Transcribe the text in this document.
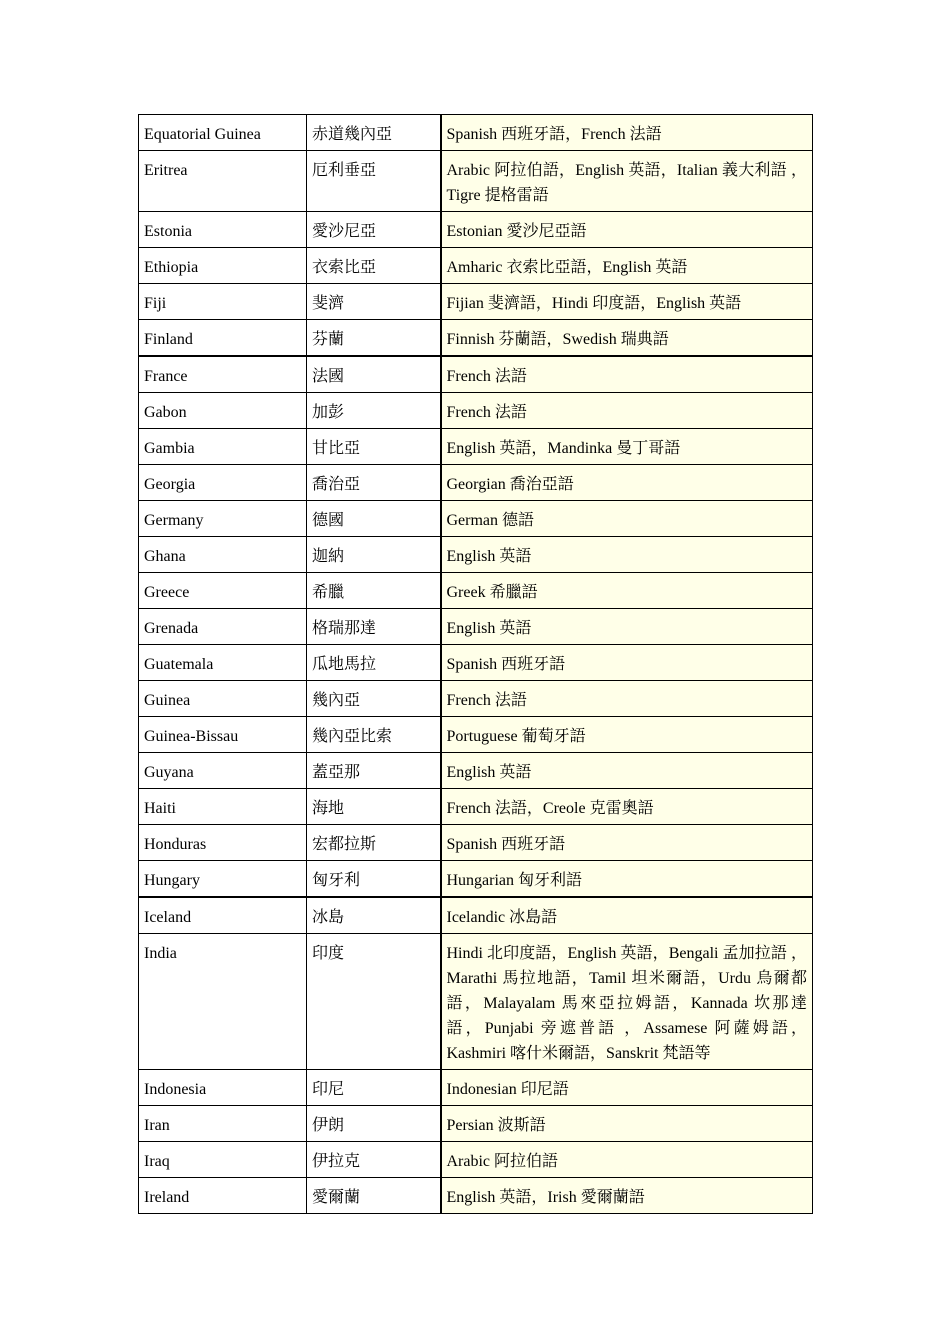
Equatorial Guinea	赤道幾內亞	Spanish 西班牙語，French 法語
Eritrea	厄利垂亞	Arabic 阿拉伯語，English 英語，Italian 義大利語 ，Tigre 提格雷語
Estonia	愛沙尼亞	Estonian 愛沙尼亞語
Ethiopia	衣索比亞	Amharic 衣索比亞語，English 英語
Fiji	斐濟	Fijian 斐濟語，Hindi 印度語，English 英語
Finland	芬蘭	Finnish 芬蘭語，Swedish 瑞典語
France	法國	French 法語
Gabon	加彭	French 法語
Gambia	甘比亞	English 英語，Mandinka 曼丁哥語
Georgia	喬治亞	Georgian 喬治亞語
Germany	德國	German 德語
Ghana	迦納	English 英語
Greece	希臘	Greek 希臘語
Grenada	格瑞那達	English 英語
Guatemala	瓜地馬拉	Spanish 西班牙語
Guinea	幾內亞	French 法語
Guinea-Bissau	幾內亞比索	Portuguese 葡萄牙語
Guyana	蓋亞那	English 英語
Haiti	海地	French 法語，Creole 克雷奧語
Honduras	宏都拉斯	Spanish 西班牙語
Hungary	匈牙利	Hungarian 匈牙利語
Iceland	冰島	Icelandic 冰島語
India	印度	Hindi 北印度語，English 英語，Bengali 孟加拉語 ，Marathi 馬拉地語，Tamil 坦米爾語，Urdu 烏爾都語，Malayalam 馬來亞拉姆語，Kannada 坎那達語，Punjabi 旁遮普語 ，Assamese 阿薩姆語，Kashmiri 喀什米爾語，Sanskrit 梵語等
Indonesia	印尼	Indonesian 印尼語
Iran	伊朗	Persian 波斯語
Iraq	伊拉克	Arabic 阿拉伯語
Ireland	愛爾蘭	English 英語，Irish 愛爾蘭語
